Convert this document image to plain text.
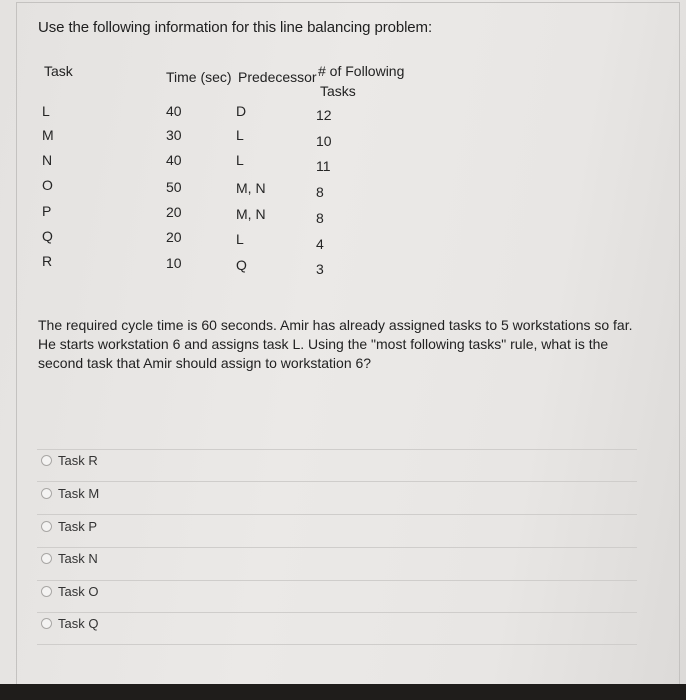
Use the following information for this line balancing problem:
Task	Time (sec) Predecessor # of Following
Tasks
L	40	D	12
M	30	L	10
N	40	L	11
O	50	M, N	8
P	20	M, N	8
Q	20	L	4
R	10	Q	3
The required cycle time is 60 seconds. Amir has already assigned tasks to 5 workstations so far.
He starts workstation 6 and assigns task L. Using the "most following tasks" rule, what is the
second task that Amir should assign to workstation 6?
Task R
Task M
Task P
Task N
Task O
Task Q
